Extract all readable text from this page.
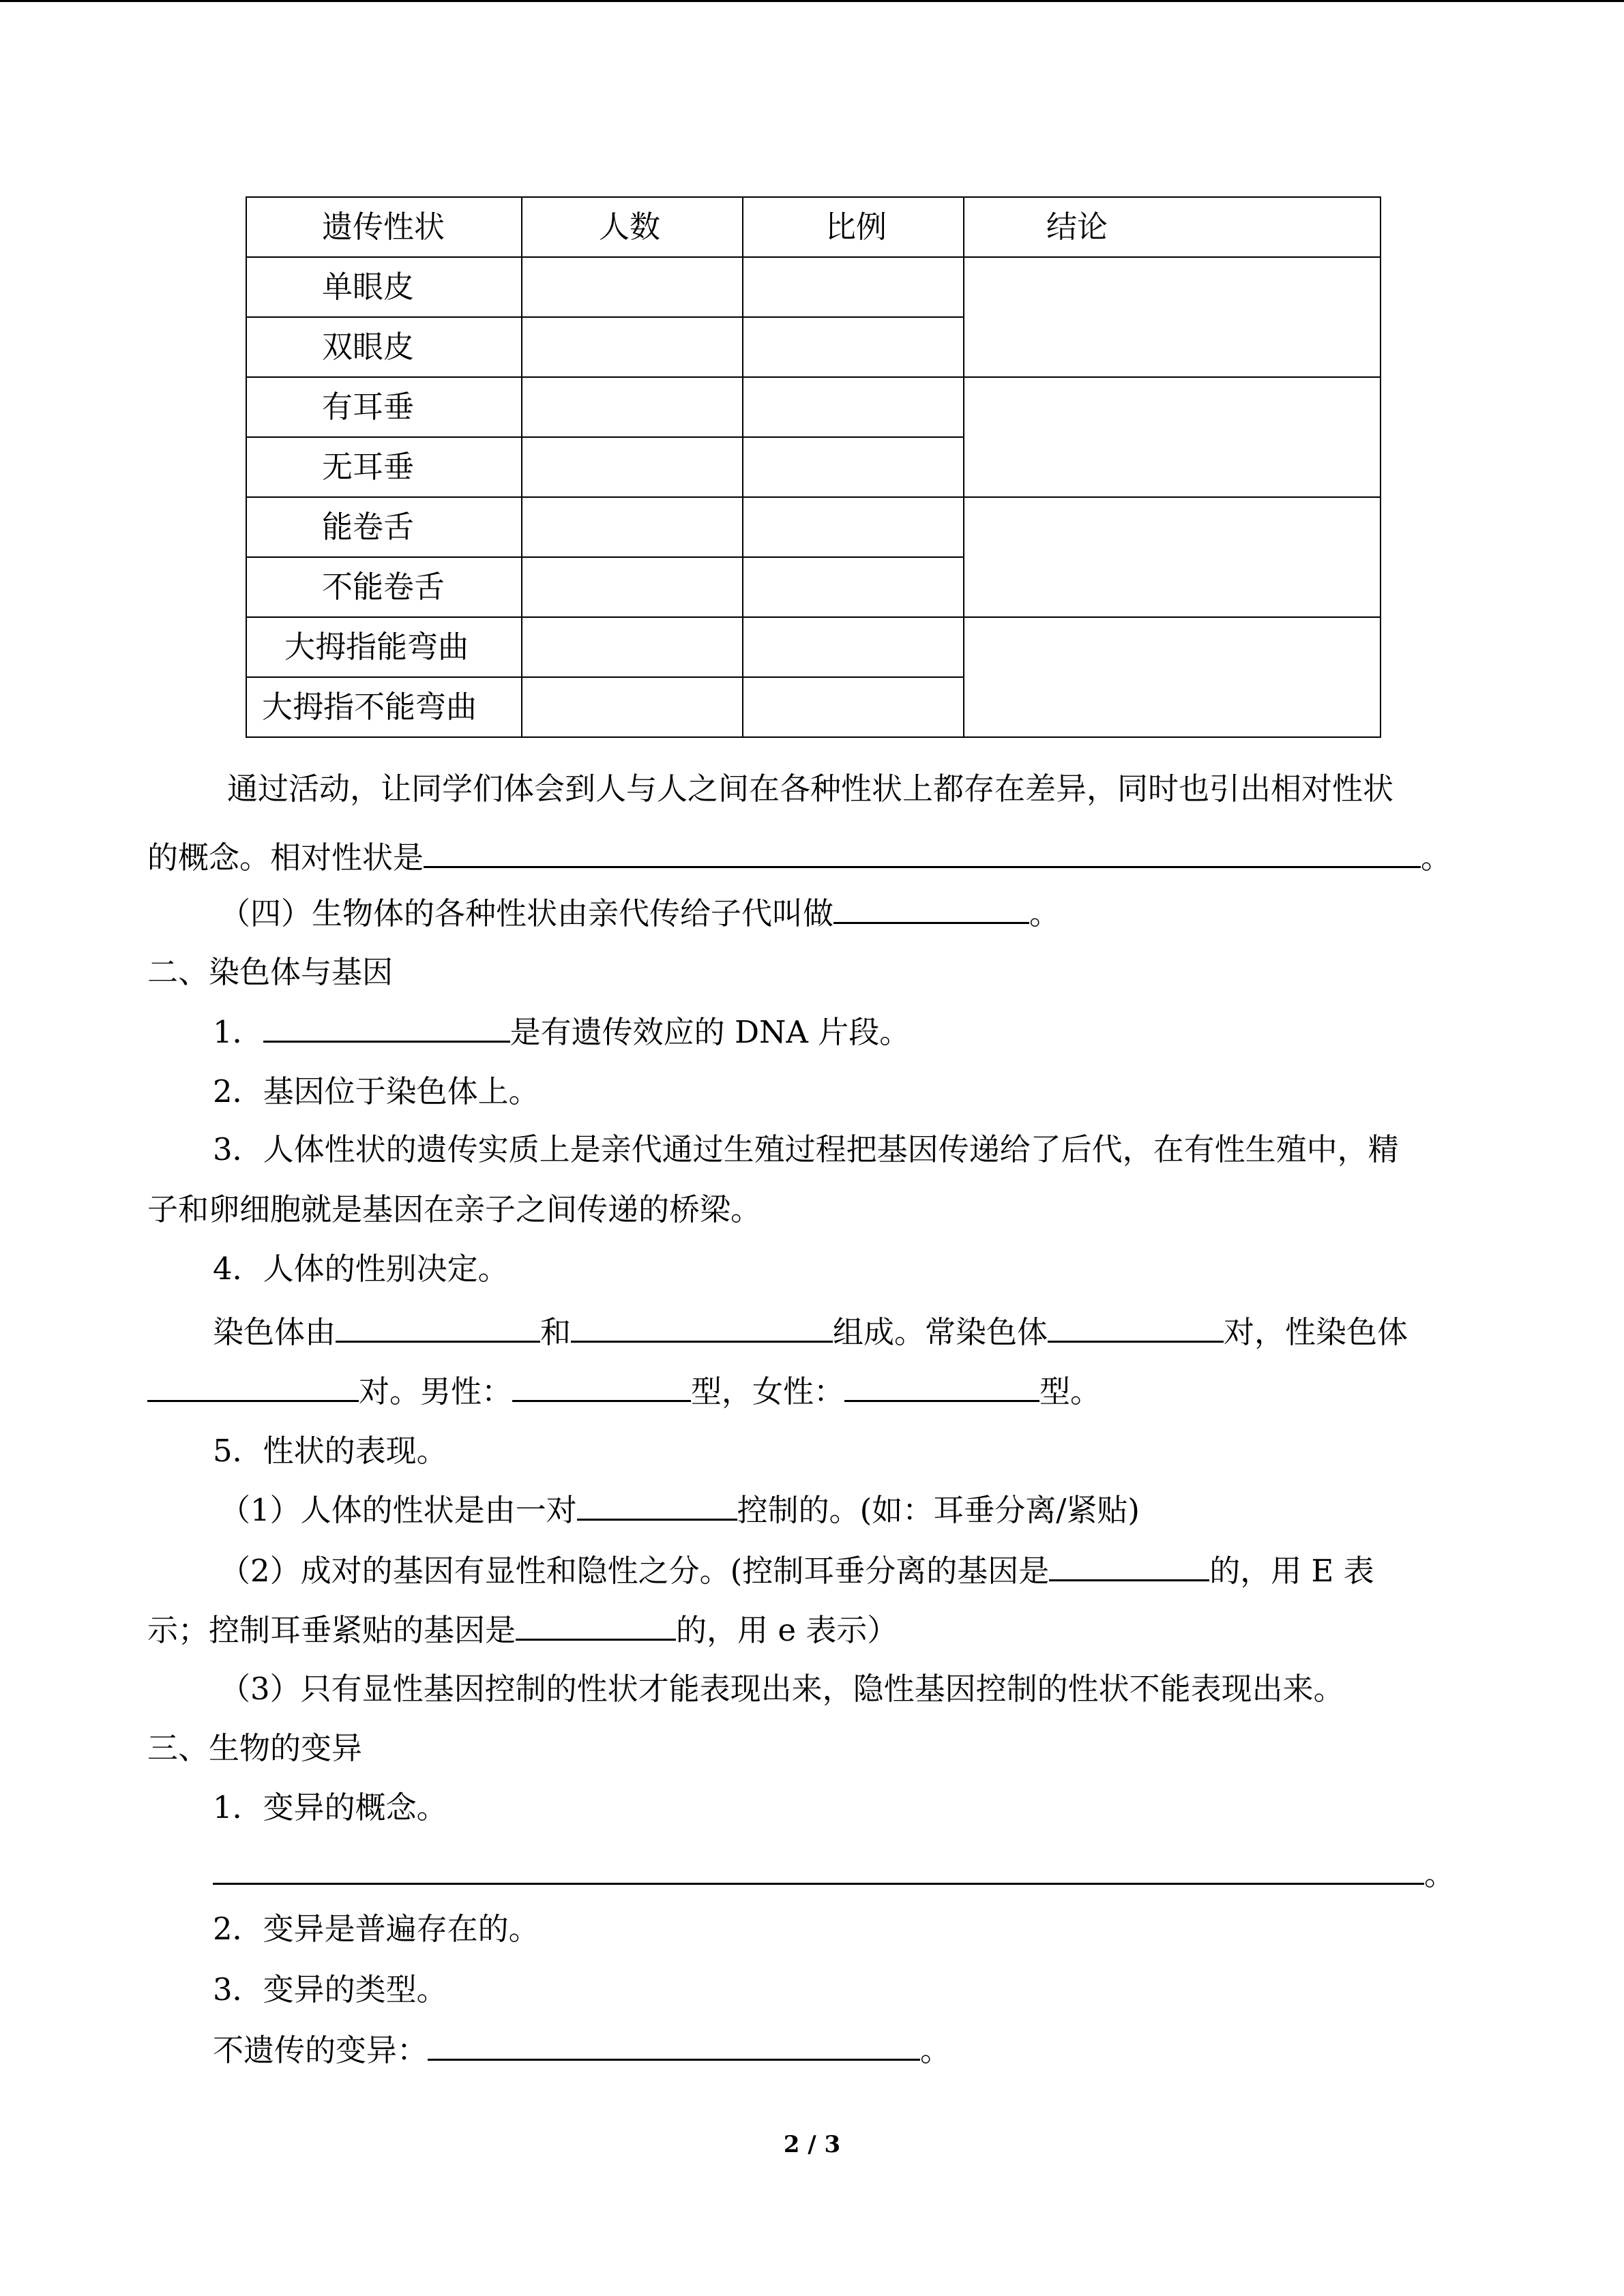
遗传性状	人数	比例	结论
单眼皮			
双眼皮			
有耳垂			
无耳垂			
能卷舌			
不能卷舌			
大拇指能弯曲			
大拇指不能弯曲			
通过活动，让同学们体会到人与人之间在各种性状上都存在差异，同时也引出相对性状
的概念。相对性状是	。
（四）生物体的各种性状由亲代传给子代叫做	。
二、染色体与基因
1．	是有遗传效应的 DNA 片段。
2．基因位于染色体上。
3．人体性状的遗传实质上是亲代通过生殖过程把基因传递给了后代，在有性生殖中，精
子和卵细胞就是基因在亲子之间传递的桥梁。
4．人体的性别决定。
染色体由	和	组成。常染色体	对，性染色体
对。男性：	型，女性：	型。
5．性状的表现。
（1）人体的性状是由一对	控制的。(如：耳垂分离/紧贴)
（2）成对的基因有显性和隐性之分。(控制耳垂分离的基因是	的，用 E 表
示；控制耳垂紧贴的基因是	的，用 e 表示）
（3）只有显性基因控制的性状才能表现出来，隐性基因控制的性状不能表现出来。
三、生物的变异
1．变异的概念。
。
2．变异是普遍存在的。
3．变异的类型。
不遗传的变异：	。
2 / 3
